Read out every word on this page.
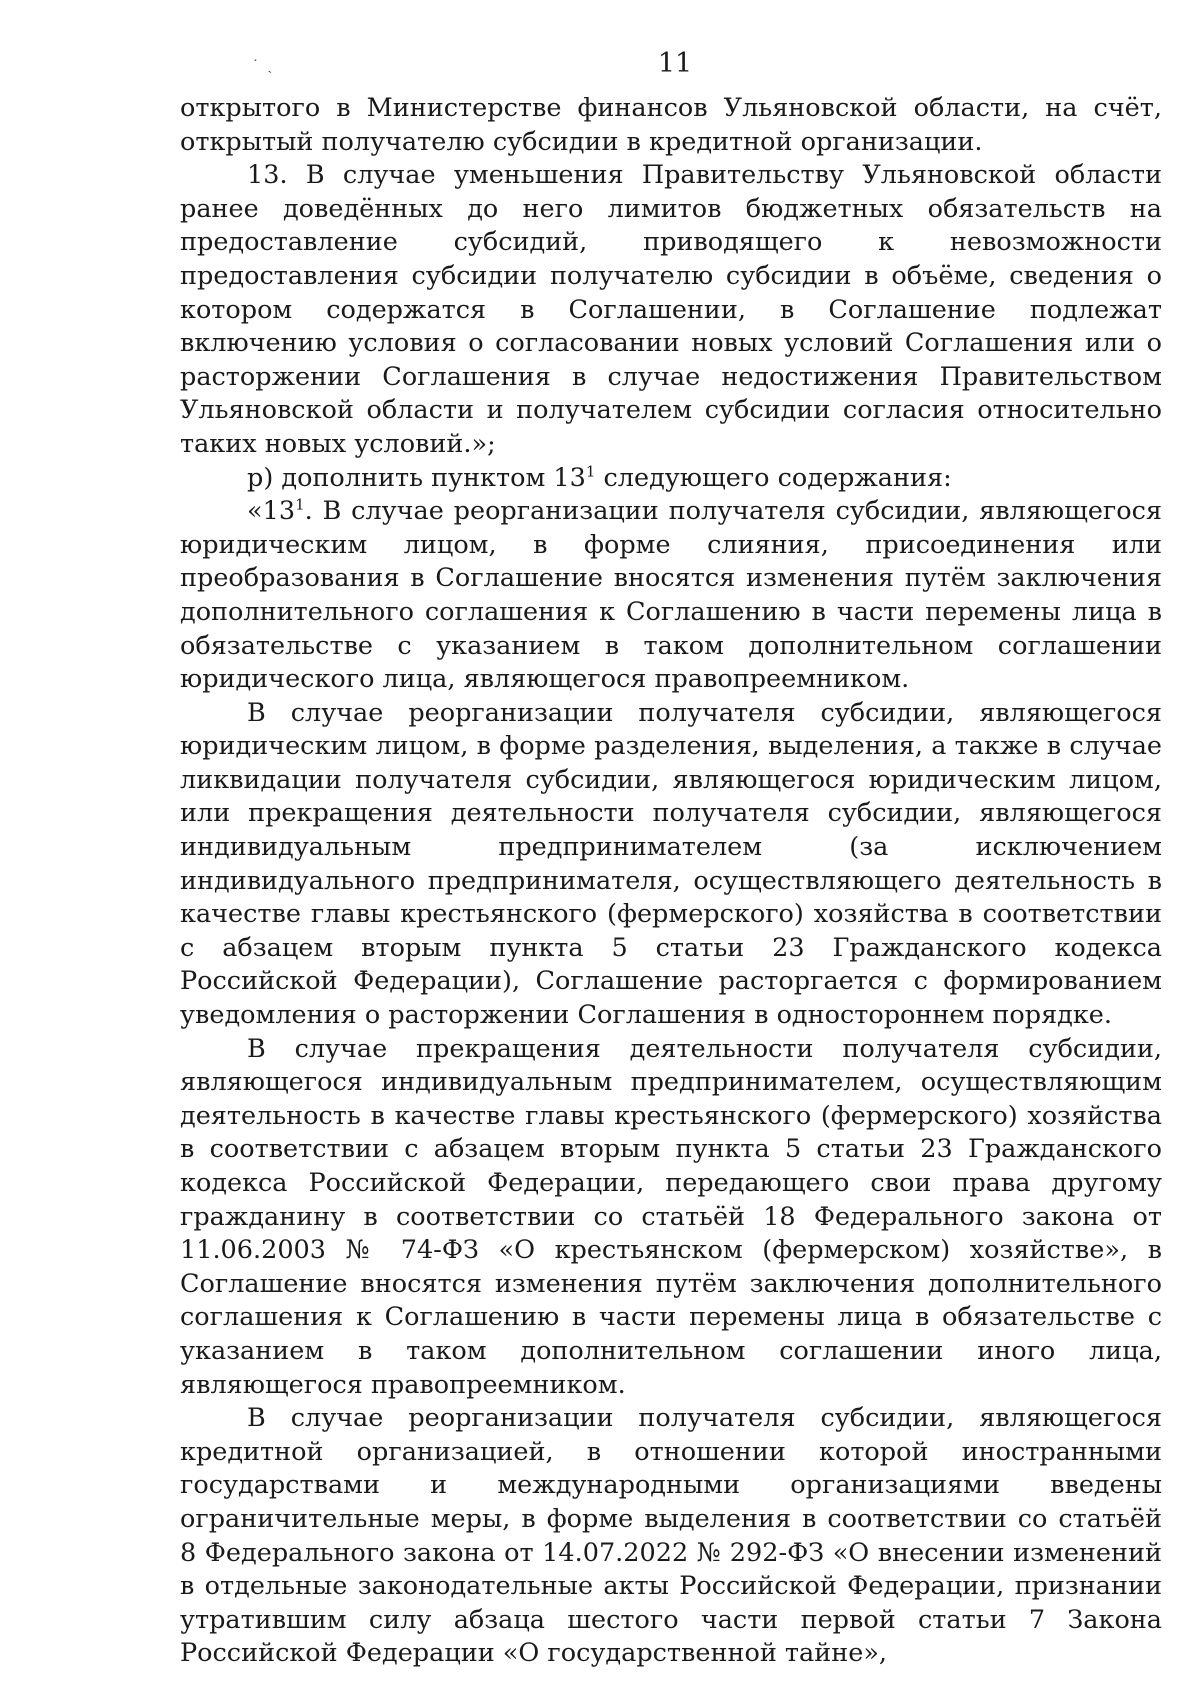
˙ ˏ	11

открытого в Министерстве финансов Ульяновской области, на счёт, открытый получателю субсидии в кредитной организации.

13. В случае уменьшения Правительству Ульяновской области ранее доведённых до него лимитов бюджетных обязательств на предоставление субсидий, приводящего к невозможности предоставления субсидии получателю субсидии в объёме, сведения о котором содержатся в Соглашении, в Соглашение подлежат включению условия о согласовании новых условий Соглашения или о расторжении Соглашения в случае недостижения Правительством Ульяновской области и получателем субсидии согласия относительно таких новых условий.»;

р) дополнить пунктом $13^1$ следующего содержания:

«$13^1$. В случае реорганизации получателя субсидии, являющегося юридическим лицом, в форме слияния, присоединения или преобразования в Соглашение вносятся изменения путём заключения дополнительного соглашения к Соглашению в части перемены лица в обязательстве с указанием в таком дополнительном соглашении юридического лица, являющегося правопреемником.

В случае реорганизации получателя субсидии, являющегося юридическим лицом, в форме разделения, выделения, а также в случае ликвидации получателя субсидии, являющегося юридическим лицом, или прекращения деятельности получателя субсидии, являющегося индивидуальным предпринимателем (за исключением индивидуального предпринимателя, осуществляющего деятельность в качестве главы крестьянского (фермерского) хозяйства в соответствии с абзацем вторым пункта 5 статьи 23 Гражданского кодекса Российской Федерации), Соглашение расторгается с формированием уведомления о расторжении Соглашения в одностороннем порядке.

В случае прекращения деятельности получателя субсидии, являющегося индивидуальным предпринимателем, осуществляющим деятельность в качестве главы крестьянского (фермерского) хозяйства в соответствии с абзацем вторым пункта 5 статьи 23 Гражданского кодекса Российской Федерации, передающего свои права другому гражданину в соответствии со статьёй 18 Федерального закона от 11.06.2003 № 74-ФЗ «О крестьянском (фермерском) хозяйстве», в Соглашение вносятся изменения путём заключения дополнительного соглашения к Соглашению в части перемены лица в обязательстве с указанием в таком дополнительном соглашении иного лица, являющегося правопреемником.

В случае реорганизации получателя субсидии, являющегося кредитной организацией, в отношении которой иностранными государствами и международными организациями введены ограничительные меры, в форме выделения в соответствии со статьёй 8 Федерального закона от 14.07.2022 № 292-ФЗ «О внесении изменений в отдельные законодательные акты Российской Федерации, признании утратившим силу абзаца шестого части первой статьи 7 Закона Российской Федерации «О государственной тайне»,
